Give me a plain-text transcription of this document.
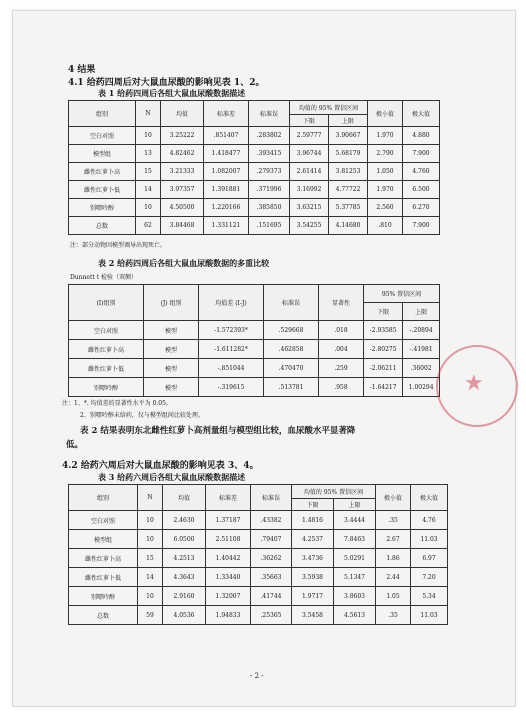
4 结果
4.1 给药四周后对大鼠血尿酸的影响见表 1、2。
表 1 给药四周后各组大鼠血尿酸数据描述
组别	N	均值	标准差	标准误	均值的 95% 置信区间		极小值	极大值
					下限	上限		
空白对照	10	3.25222	.851407	.283802	2.59777	3.90667	1.970	4.880
模型组	13	4.82462	1.418477	.393415	3.96744	5.68179	2.790	7.900
雌性红萝卜高	15	3.21333	1.082007	.279373	2.61414	3.81253	1.050	4.760
雌性红萝卜低	14	3.97357	1.391881	.371996	3.16992	4.77722	1.970	6.500
别嘌呤醇	10	4.50500	1.220166	.385850	3.63215	5.37785	2.560	6.270
总数	62	3.84468	1.331121	.151695	3.54255	4.14680	.810	7.900
注：部分动物因模型调导出现死亡。
表 2 给药四周后各组大鼠血尿酸数据的多重比较
Dunnett t 检验（双侧）
(I)组别	(J) 组别	均值差 (I-J)	标准误	显著性	95% 置信区间	
					下限	上限
空白对照	模型	-1.572393*	.529668	.018	-2.93585	-.20894
雌性红萝卜高	模型	-1.611282*	.462858	.004	-2.80275	-.41981
雌性红萝卜低	模型	-.851044	.470470	.259	-2.06211	.36002
别嘌呤醇	模型	-.319615	.513781	.958	-1.64217	1.00294
注：1、*. 均值差的显著性水平为 0.05。
2、别嘌呤醇未给药，仅与模型组间比较处理。
表 2 结果表明东北雌性红萝卜高剂量组与模型组比较，血尿酸水平显著降
低。
4.2 给药六周后对大鼠血尿酸的影响见表 3、4。
表 3 给药六周后各组大鼠血尿酸数据描述
组别	N	均值	标准差	标准误	均值的 95% 置信区间		极小值	极大值
					下限	上限		
空白对照	10	2.4630	1.37187	.43382	1.4816	3.4444	.35	4.76
模型组	10	6.0500	2.51108	.79407	4.2537	7.8463	2.67	11.03
雌性红萝卜高	15	4.2513	1.40442	.36262	3.4736	5.0291	1.86	6.97
雌性红萝卜低	14	4.3643	1.33440	.35663	3.5938	5.1347	2.44	7.20
别嘌呤醇	10	2.9160	1.32007	.41744	1.9717	3.8603	1.05	5.34
总数	59	4.0536	1.94833	.25365	3.5458	4.5613	.35	11.03
- 2 -
★
